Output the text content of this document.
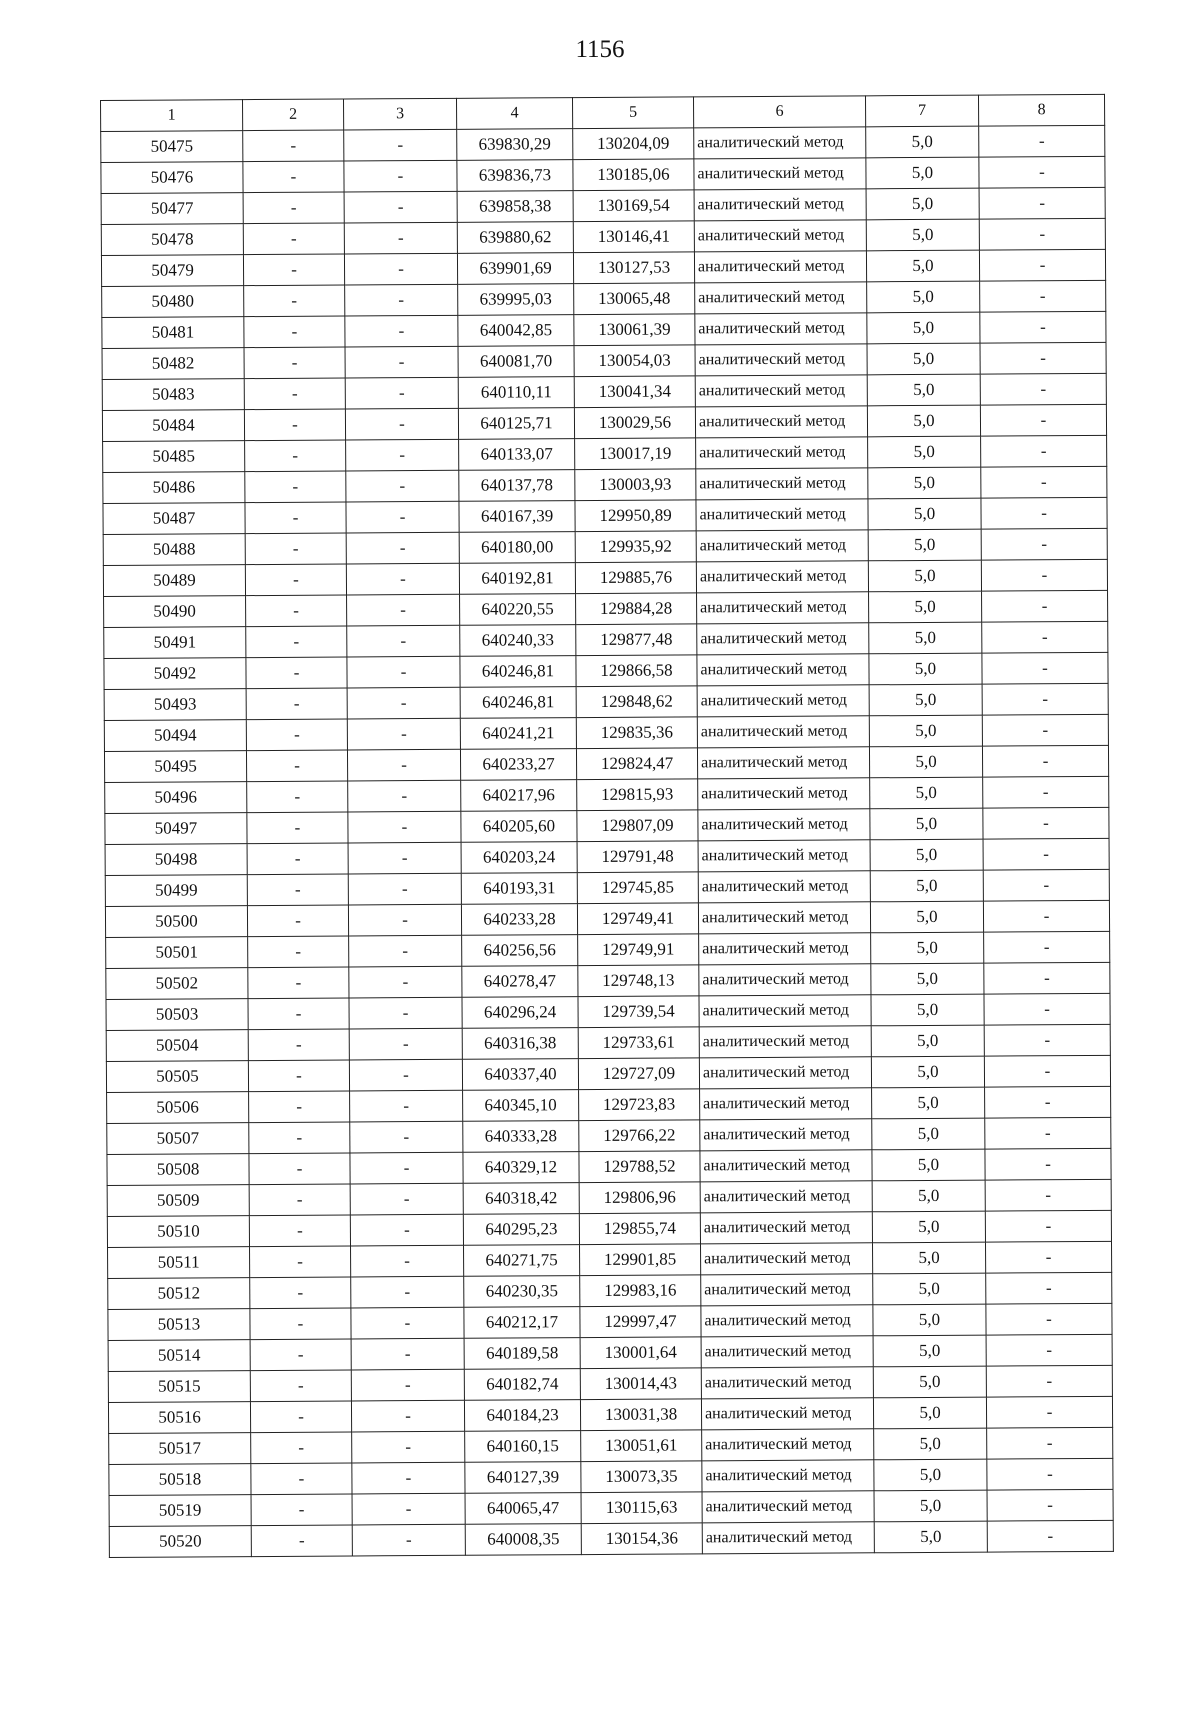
1156
1	2	3	4	5	6	7	8
50475	-	-	639830,29	130204,09	аналитический метод	5,0	-
50476	-	-	639836,73	130185,06	аналитический метод	5,0	-
50477	-	-	639858,38	130169,54	аналитический метод	5,0	-
50478	-	-	639880,62	130146,41	аналитический метод	5,0	-
50479	-	-	639901,69	130127,53	аналитический метод	5,0	-
50480	-	-	639995,03	130065,48	аналитический метод	5,0	-
50481	-	-	640042,85	130061,39	аналитический метод	5,0	-
50482	-	-	640081,70	130054,03	аналитический метод	5,0	-
50483	-	-	640110,11	130041,34	аналитический метод	5,0	-
50484	-	-	640125,71	130029,56	аналитический метод	5,0	-
50485	-	-	640133,07	130017,19	аналитический метод	5,0	-
50486	-	-	640137,78	130003,93	аналитический метод	5,0	-
50487	-	-	640167,39	129950,89	аналитический метод	5,0	-
50488	-	-	640180,00	129935,92	аналитический метод	5,0	-
50489	-	-	640192,81	129885,76	аналитический метод	5,0	-
50490	-	-	640220,55	129884,28	аналитический метод	5,0	-
50491	-	-	640240,33	129877,48	аналитический метод	5,0	-
50492	-	-	640246,81	129866,58	аналитический метод	5,0	-
50493	-	-	640246,81	129848,62	аналитический метод	5,0	-
50494	-	-	640241,21	129835,36	аналитический метод	5,0	-
50495	-	-	640233,27	129824,47	аналитический метод	5,0	-
50496	-	-	640217,96	129815,93	аналитический метод	5,0	-
50497	-	-	640205,60	129807,09	аналитический метод	5,0	-
50498	-	-	640203,24	129791,48	аналитический метод	5,0	-
50499	-	-	640193,31	129745,85	аналитический метод	5,0	-
50500	-	-	640233,28	129749,41	аналитический метод	5,0	-
50501	-	-	640256,56	129749,91	аналитический метод	5,0	-
50502	-	-	640278,47	129748,13	аналитический метод	5,0	-
50503	-	-	640296,24	129739,54	аналитический метод	5,0	-
50504	-	-	640316,38	129733,61	аналитический метод	5,0	-
50505	-	-	640337,40	129727,09	аналитический метод	5,0	-
50506	-	-	640345,10	129723,83	аналитический метод	5,0	-
50507	-	-	640333,28	129766,22	аналитический метод	5,0	-
50508	-	-	640329,12	129788,52	аналитический метод	5,0	-
50509	-	-	640318,42	129806,96	аналитический метод	5,0	-
50510	-	-	640295,23	129855,74	аналитический метод	5,0	-
50511	-	-	640271,75	129901,85	аналитический метод	5,0	-
50512	-	-	640230,35	129983,16	аналитический метод	5,0	-
50513	-	-	640212,17	129997,47	аналитический метод	5,0	-
50514	-	-	640189,58	130001,64	аналитический метод	5,0	-
50515	-	-	640182,74	130014,43	аналитический метод	5,0	-
50516	-	-	640184,23	130031,38	аналитический метод	5,0	-
50517	-	-	640160,15	130051,61	аналитический метод	5,0	-
50518	-	-	640127,39	130073,35	аналитический метод	5,0	-
50519	-	-	640065,47	130115,63	аналитический метод	5,0	-
50520	-	-	640008,35	130154,36	аналитический метод	5,0	-
